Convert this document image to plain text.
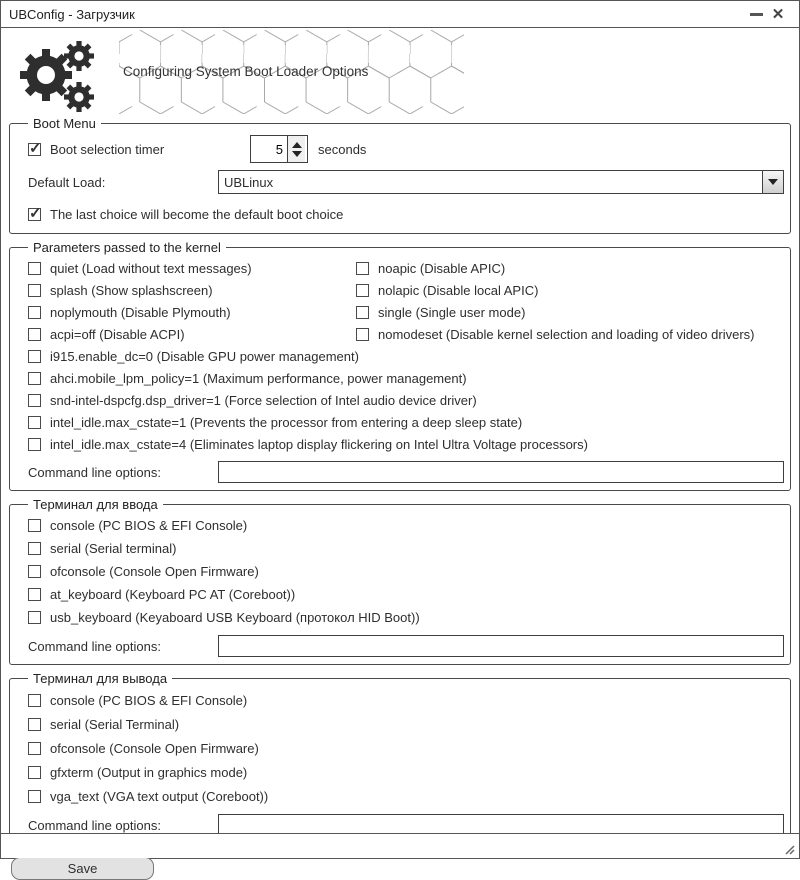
UBConfig - Загрузчик	✕
Configuring System Boot Loader Options
Boot Menu
✓
Boot selection timer
5	seconds
Default Load:	UBLinux
✓
The last choice will become the default boot choice
Parameters passed to the kernel
quiet (Load without text messages)	noapic (Disable APIC)
splash (Show splashscreen)	nolapic (Disable local APIC)
noplymouth (Disable Plymouth)	single (Single user mode)
acpi=off (Disable ACPI)	nomodeset (Disable kernel selection and loading of video drivers)
i915.enable_dc=0 (Disable GPU power management)
ahci.mobile_lpm_policy=1 (Maximum performance, power management)
snd-intel-dspcfg.dsp_driver=1 (Force selection of Intel audio device driver)
intel_idle.max_cstate=1 (Prevents the processor from entering a deep sleep state)
intel_idle.max_cstate=4 (Eliminates laptop display flickering on Intel Ultra Voltage processors)
Command line options:
Терминал для ввода
console (PC BIOS & EFI Console)
serial (Serial terminal)
ofconsole (Console Open Firmware)
at_keyboard (Keyboard PC AT (Coreboot))
usb_keyboard (Keyaboard USB Keyboard (протокол HID Boot))
Command line options:
Терминал для вывода
console (PC BIOS & EFI Console)
serial (Serial Terminal)
ofconsole (Console Open Firmware)
gfxterm (Output in graphics mode)
vga_text (VGA text output (Coreboot))
Command line options:
Save
